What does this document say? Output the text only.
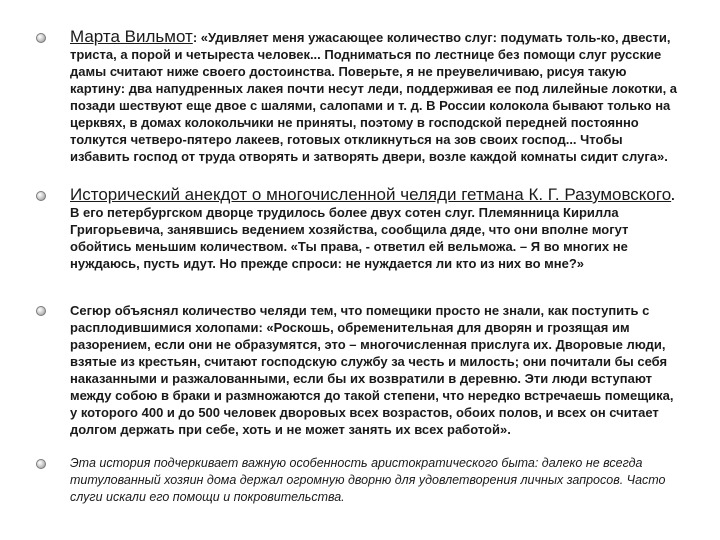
Марта Вильмот: «Удивляет меня ужасающее количество слуг: подумать толь-ко, двести, триста, а порой и четыреста человек... Подниматься по лестнице без помощи слуг русские дамы считают ниже своего достоинства. Поверьте, я не преувеличиваю, рисуя такую картину: два напудренных лакея почти несут леди, поддерживая ее под лилейные локотки, а позади шествуют еще двое с шалями, салопами и т. д. В России колокола бывают только на церквях, в домах колокольчики не приняты, поэтому в господской передней постоянно толкутся четверо-пятеро лакеев, готовых откликнуться на зов своих господ... Чтобы избавить господ от труда отворять и затворять двери, возле каждой комнаты сидит слуга».

Исторический анекдот о многочисленной челяди гетмана К. Г. Разумовского. В его петербургском дворце трудилось более двух сотен слуг. Племянница Кирилла Григорьевича, занявшись ведением хозяйства, сообщила дяде, что они вполне могут обойтись меньшим количеством. «Ты права, - ответил ей вельможа. – Я во многих не нуждаюсь, пусть идут. Но прежде спроси: не нуждается ли кто из них во мне?»

Сегюр объяснял количество челяди тем, что помещики просто не знали, как поступить с расплодившимися холопами: «Роскошь, обременительная для дворян и грозящая им разорением, если они не образумятся, это – многочисленная прислуга их. Дворовые люди, взятые из крестьян, считают господскую службу за честь и милость; они почитали бы себя наказанными и разжалованными, если бы их возвратили в деревню. Эти люди вступают между собою в браки и размножаются до такой степени, что нередко встречаешь помещика, у которого 400 и до 500 человек дворовых всех возрастов, обоих полов, и всех он считает долгом держать при себе, хоть и не может занять их всех работой».

Эта история подчеркивает важную особенность аристократического быта: далеко не всегда титулованный хозяин дома держал огромную дворню для удовлетворения личных запросов. Часто слуги искали его помощи и покровительства.
